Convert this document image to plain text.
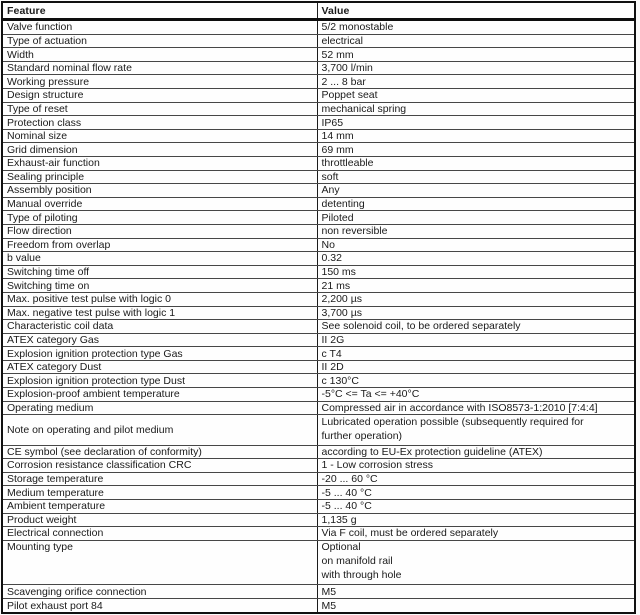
Feature	Value
Valve function	5/2 monostable
Type of actuation	electrical
Width	52 mm
Standard nominal flow rate	3,700 l/min
Working pressure	2 ... 8 bar
Design structure	Poppet seat
Type of reset	mechanical spring
Protection class	IP65
Nominal size	14 mm
Grid dimension	69 mm
Exhaust-air function	throttleable
Sealing principle	soft
Assembly position	Any
Manual override	detenting
Type of piloting	Piloted
Flow direction	non reversible
Freedom from overlap	No
b value	0.32
Switching time off	150 ms
Switching time on	21 ms
Max. positive test pulse with logic 0	2,200 µs
Max. negative test pulse with logic 1	3,700 µs
Characteristic coil data	See solenoid coil, to be ordered separately
ATEX category Gas	II 2G
Explosion ignition protection type Gas	c T4
ATEX category Dust	II 2D
Explosion ignition protection type Dust	c 130°C
Explosion-proof ambient temperature	-5°C <= Ta <= +40°C
Operating medium	Compressed air in accordance with ISO8573-1:2010 [7:4:4]
Note on operating and pilot medium	Lubricated operation possible (subsequently required for further operation)
CE symbol (see declaration of conformity)	according to EU-Ex protection guideline (ATEX)
Corrosion resistance classification CRC	1 - Low corrosion stress
Storage temperature	-20 ... 60 °C
Medium temperature	-5 ... 40 °C
Ambient temperature	-5 ... 40 °C
Product weight	1,135 g
Electrical connection	Via F coil, must be ordered separately
Mounting type	Optional
on manifold rail
with through hole

Scavenging orifice connection	M5
Pilot exhaust port 84	M5
